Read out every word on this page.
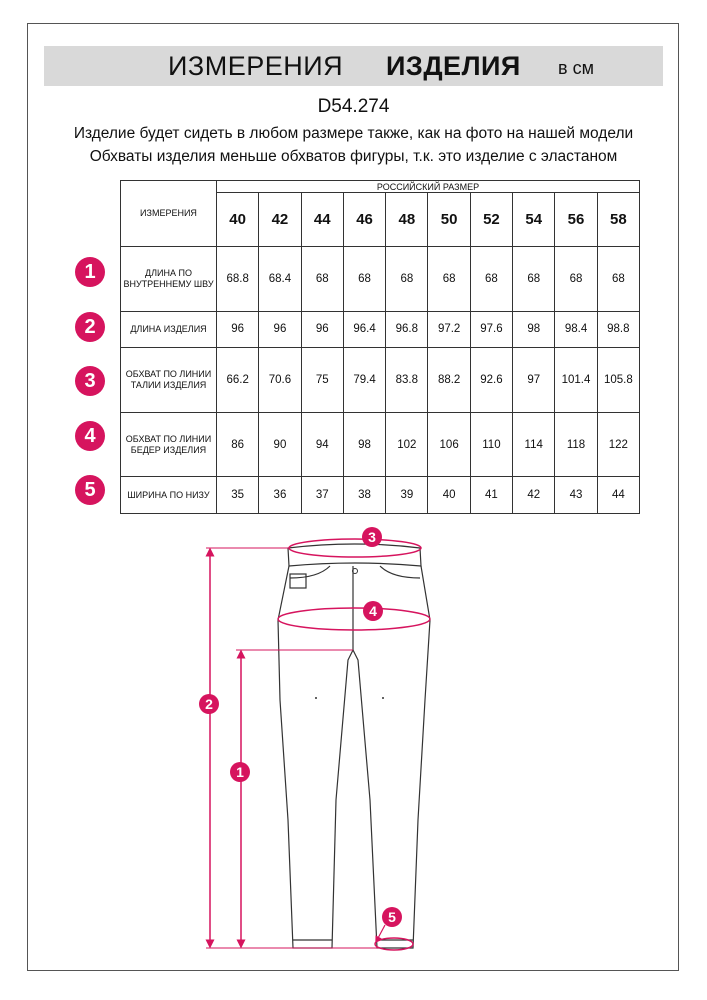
ИЗМЕРЕНИЯ ИЗДЕЛИЯ в см
D54.274
Изделие будет сидеть в любом размере также, как на фото на нашей модели
Обхваты изделия меньше обхватов фигуры, т.к. это изделие с эластаном
ИЗМЕРЕНИЯ	РОССИЙСКИЙ РАЗМЕР									
	40	42	44	46	48	50	52	54	56	58
ДЛИНА ПО ВНУТРЕННЕМУ ШВУ	68.8	68.4	68	68	68	68	68	68	68	68
ДЛИНА ИЗДЕЛИЯ	96	96	96	96.4	96.8	97.2	97.6	98	98.4	98.8
ОБХВАТ ПО ЛИНИИ ТАЛИИ ИЗДЕЛИЯ	66.2	70.6	75	79.4	83.8	88.2	92.6	97	101.4	105.8
ОБХВАТ ПО ЛИНИИ БЕДЕР ИЗДЕЛИЯ	86	90	94	98	102	106	110	114	118	122
ШИРИНА ПО НИЗУ	35	36	37	38	39	40	41	42	43	44
1
2
3
4
5
3
4
2
1
5
